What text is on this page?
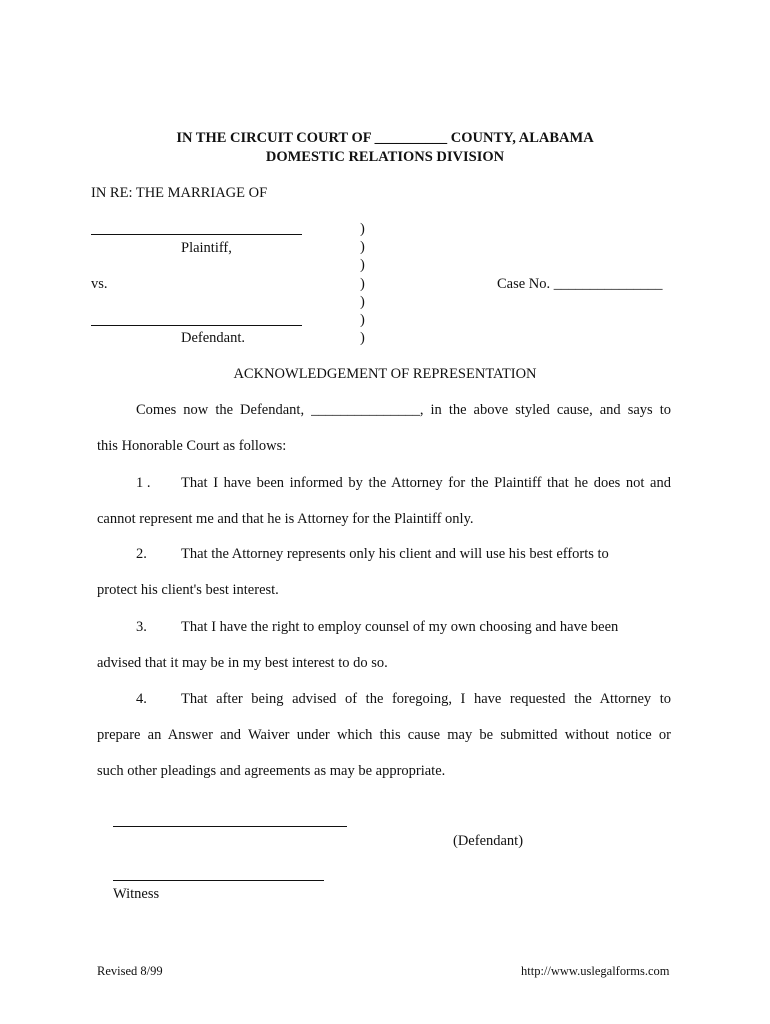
IN THE CIRCUIT COURT OF __________ COUNTY, ALABAMA
DOMESTIC RELATIONS DIVISION
IN RE: THE MARRIAGE OF
Plaintiff,
vs.
Defendant.
)
)
)
)
)
)
)
Case No. _______________
ACKNOWLEDGEMENT OF REPRESENTATION
Comes now the Defendant, _______________, in the above styled cause, and says to
this Honorable Court as follows:
1 . That I have been informed by the Attorney for the Plaintiff that he does not and
cannot represent me and that he is Attorney for the Plaintiff only.
2. That the Attorney represents only his client and will use his best efforts to
protect his client's best interest.
3. That I have the right to employ counsel of my own choosing and have been
advised that it may be in my best interest to do so.
4. That after being advised of the foregoing, I have requested the Attorney to
prepare an Answer and Waiver under which this cause may be submitted without notice or
such other pleadings and agreements as may be appropriate.
(Defendant)
Witness
Revised 8/99	http://www.uslegalforms.com
